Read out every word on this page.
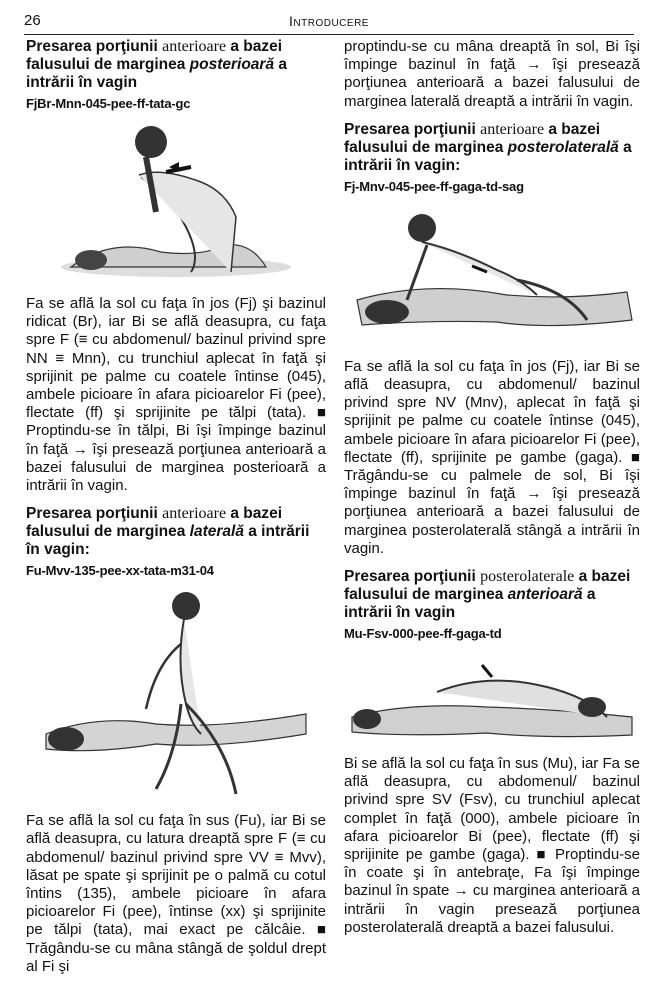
26	Introducere
Presarea porţiunii anterioare a bazei falusului de marginea posterioară a intrării în vagin
FjBr-Mnn-045-pee-ff-tata-gc
Fa se află la sol cu faţa în jos (Fj) şi bazinul ridicat (Br), iar Bi se află deasupra, cu faţa spre F (≡ cu abdomenul/ bazinul privind spre NN ≡ Mnn), cu trunchiul aplecat în faţă şi sprijinit pe palme cu coatele întinse (045), ambele picioare în afara picioarelor Fi (pee), flectate (ff) şi sprijinite pe tălpi (tata). ■ Proptindu-se în tălpi, Bi îşi împinge bazinul în faţă → îşi presează porţiunea anterioară a bazei falusului de marginea posterioară a intrării în vagin.
Presarea porţiunii anterioare a bazei falusului de marginea laterală a intrării în vagin:
Fu-Mvv-135-pee-xx-tata-m31-04
Fa se află la sol cu faţa în sus (Fu), iar Bi se află deasupra, cu latura dreaptă spre F (≡ cu abdomenul/ bazinul privind spre VV ≡ Mvv), lăsat pe spate şi sprijinit pe o palmă cu cotul întins (135), ambele picioare în afara picioarelor Fi (pee), întinse (xx) şi sprijinite pe tălpi (tata), mai exact pe călcâie. ■ Trăgându-se cu mâna stângă de şoldul drept al Fi şi
proptindu-se cu mâna dreaptă în sol, Bi îşi împinge bazinul în faţă → îşi presează porţiunea anterioară a bazei falusului de marginea laterală dreaptă a intrării în vagin.
Presarea porţiunii anterioare a bazei falusului de marginea posterolaterală a intrării în vagin:
Fj-Mnv-045-pee-ff-gaga-td-sag
Fa se află la sol cu faţa în jos (Fj), iar Bi se află deasupra, cu abdomenul/ bazinul privind spre NV (Mnv), aplecat în faţă şi sprijinit pe palme cu coatele întinse (045), ambele picioare în afara picioarelor Fi (pee), flectate (ff), sprijinite pe gambe (gaga). ■ Trăgându-se cu palmele de sol, Bi îşi împinge bazinul în faţă → îşi presează porţiunea anterioară a bazei falusului de marginea posterolaterală stângă a intrării în vagin.
Presarea porţiunii posterolaterale a bazei falusului de marginea anterioară a intrării în vagin
Mu-Fsv-000-pee-ff-gaga-td
Bi se află la sol cu faţa în sus (Mu), iar Fa se află deasupra, cu abdomenul/ bazinul privind spre SV (Fsv), cu trunchiul aplecat complet în faţă (000), ambele picioare în afara picioarelor Bi (pee), flectate (ff) şi sprijinite pe gambe (gaga). ■ Proptindu-se în coate şi în antebraţe, Fa îşi împinge bazinul în spate → cu marginea anterioară a intrării în vagin presează porţiunea posterolaterală dreaptă a bazei falusului.
